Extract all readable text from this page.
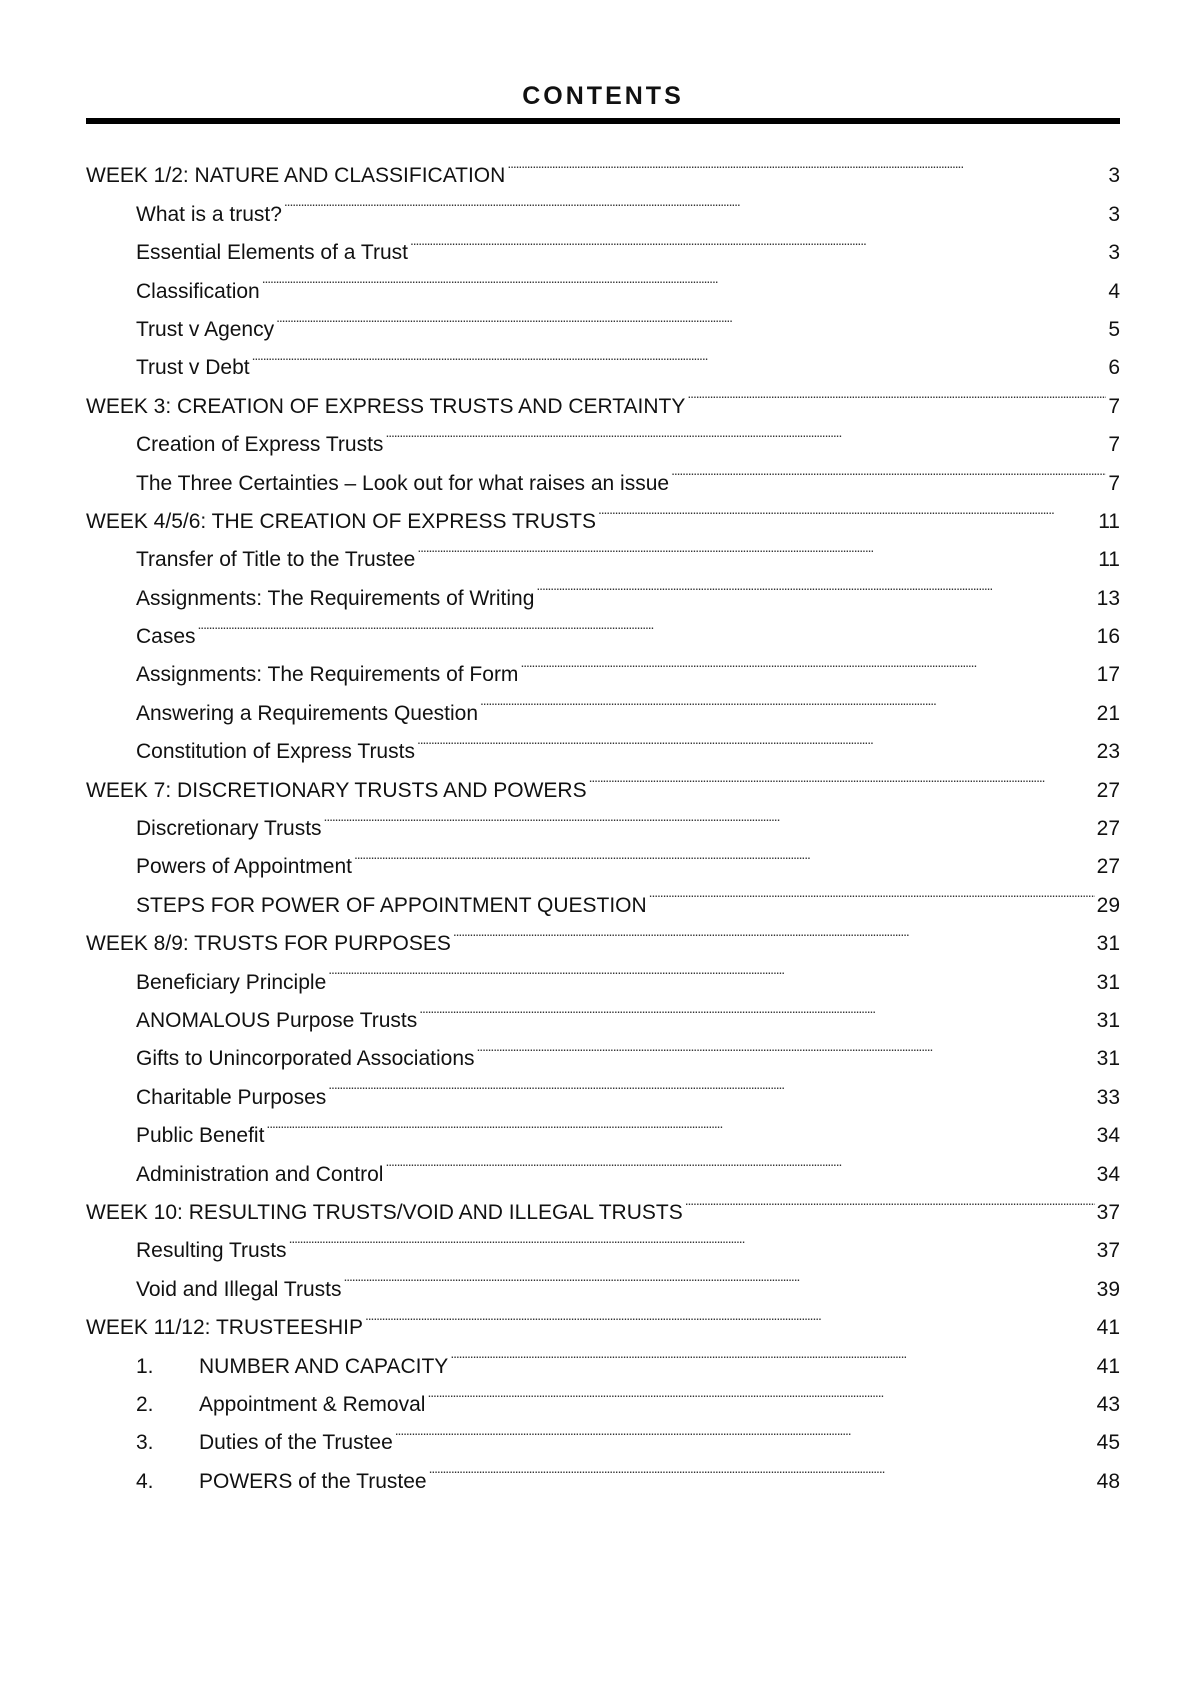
CONTENTS
WEEK 1/2: NATURE AND CLASSIFICATION . . .	3
What is a trust? . . .	3
Essential Elements of a Trust . . .	3
Classification . . .	4
Trust v Agency . . .	5
Trust v Debt . . .	6
WEEK 3: CREATION OF EXPRESS TRUSTS AND CERTAINTY . . .	7
Creation of Express Trusts . . .	7
The Three Certainties – Look out for what raises an issue . . .	7
WEEK 4/5/6: THE CREATION OF EXPRESS TRUSTS . . .	11
Transfer of Title to the Trustee . . .	11
Assignments: The Requirements of Writing . . .	13
Cases . . .	16
Assignments: The Requirements of Form . . .	17
Answering a Requirements Question . . .	21
Constitution of Express Trusts . . .	23
WEEK 7: DISCRETIONARY TRUSTS AND POWERS . . .	27
Discretionary Trusts . . .	27
Powers of Appointment . . .	27
STEPS FOR POWER OF APPOINTMENT QUESTION . . .	29
WEEK 8/9: TRUSTS FOR PURPOSES . . .	31
Beneficiary Principle . . .	31
ANOMALOUS Purpose Trusts . . .	31
Gifts to Unincorporated Associations . . .	31
Charitable Purposes . . .	33
Public Benefit . . .	34
Administration and Control . . .	34
WEEK 10: RESULTING TRUSTS/VOID AND ILLEGAL TRUSTS . . .	37
Resulting Trusts . . .	37
Void and Illegal Trusts . . .	39
WEEK 11/12: TRUSTEESHIP . . .	41
1.	NUMBER AND CAPACITY . . .	41
2.	Appointment & Removal . . .	43
3.	Duties of the Trustee . . .	45
4.	POWERS of the Trustee . . .	48
